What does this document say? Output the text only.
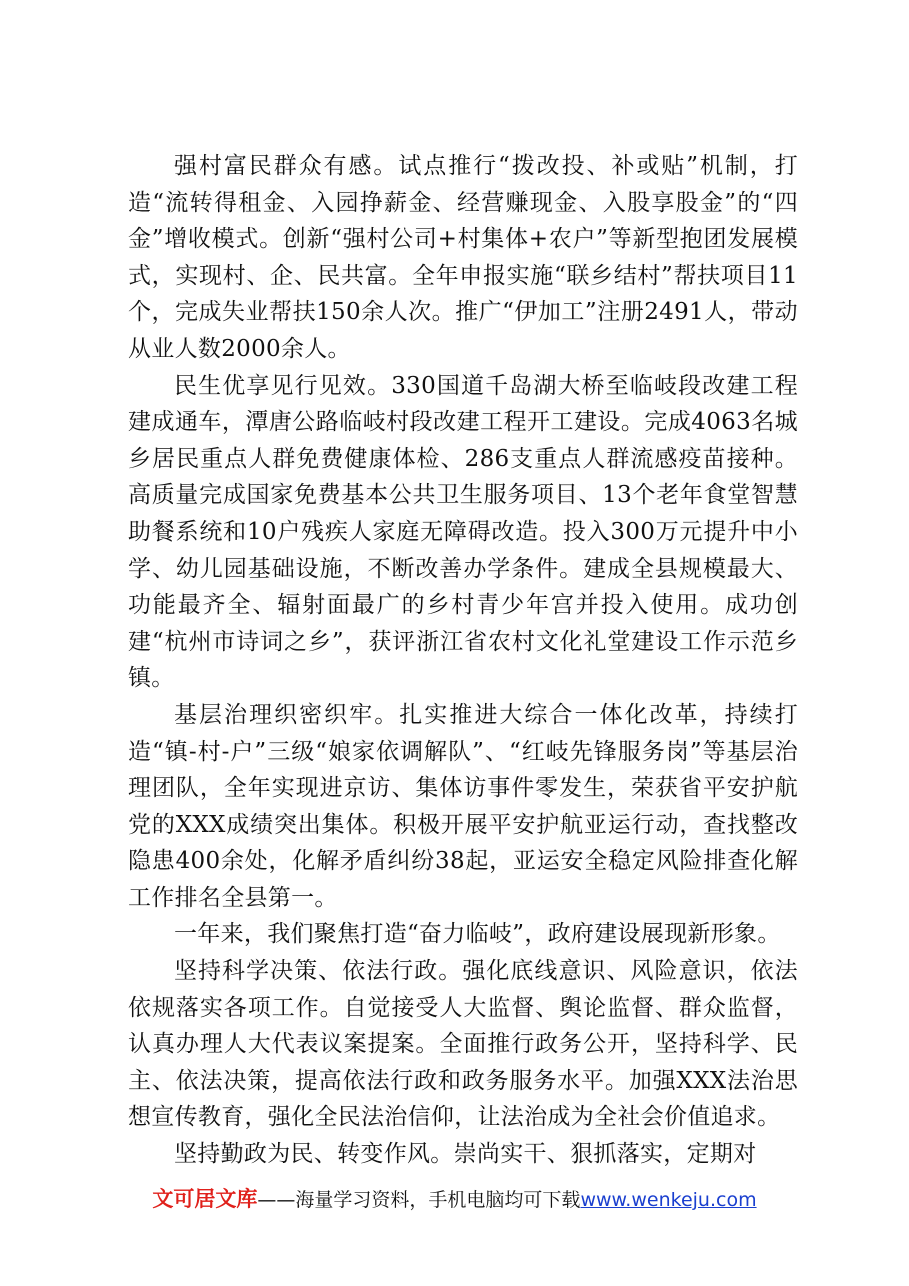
强村富民群众有感。试点推行“拨改投、补或贴”机制，打造“流转得租金、入园挣薪金、经营赚现金、入股享股金”的“四金”增收模式。创新“强村公司+村集体+农户”等新型抱团发展模式，实现村、企、民共富。全年申报实施“联乡结村”帮扶项目11个，完成失业帮扶150余人次。推广“伊加工”注册2491人，带动从业人数2000余人。

民生优享见行见效。330国道千岛湖大桥至临岐段改建工程建成通车，潭唐公路临岐村段改建工程开工建设。完成4063名城乡居民重点人群免费健康体检、286支重点人群流感疫苗接种。高质量完成国家免费基本公共卫生服务项目、13个老年食堂智慧助餐系统和10户残疾人家庭无障碍改造。投入300万元提升中小学、幼儿园基础设施，不断改善办学条件。建成全县规模最大、功能最齐全、辐射面最广的乡村青少年宫并投入使用。成功创建“杭州市诗词之乡”，获评浙江省农村文化礼堂建设工作示范乡镇。

基层治理织密织牢。扎实推进大综合一体化改革，持续打造“镇-村-户”三级“娘家依调解队”、“红岐先锋服务岗”等基层治理团队，全年实现进京访、集体访事件零发生，荣获省平安护航党的XXX成绩突出集体。积极开展平安护航亚运行动，查找整改隐患400余处，化解矛盾纠纷38起，亚运安全稳定风险排查化解工作排名全县第一。

一年来，我们聚焦打造“奋力临岐”，政府建设展现新形象。

坚持科学决策、依法行政。强化底线意识、风险意识，依法依规落实各项工作。自觉接受人大监督、舆论监督、群众监督，认真办理人大代表议案提案。全面推行政务公开，坚持科学、民主、依法决策，提高依法行政和政务服务水平。加强XXX法治思想宣传教育，强化全民法治信仰，让法治成为全社会价值追求。

坚持勤政为民、转变作风。崇尚实干、狠抓落实，定期对

文可居文库——海量学习资料，手机电脑均可下载www.wenkeju.com
